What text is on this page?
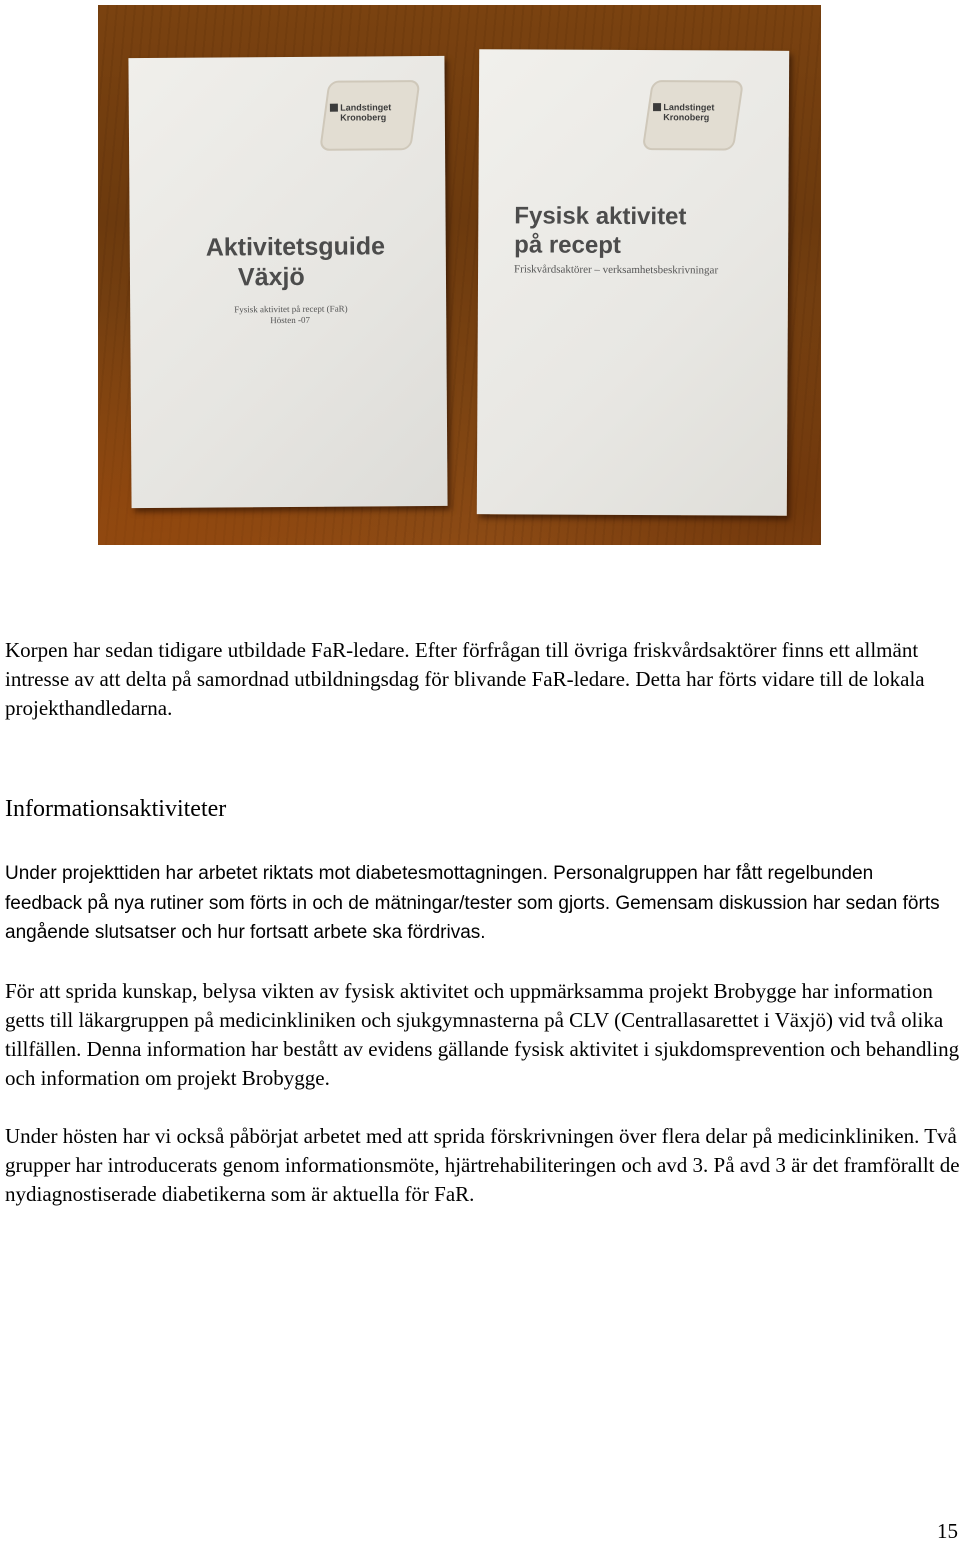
Landstinget
Kronoberg
Aktivitetsguide
Växjö
Fysisk aktivitet på recept (FaR)
Hösten -07
Landstinget
Kronoberg
Fysisk aktivitet
på recept
Friskvårdsaktörer – verksamhetsbeskrivningar

Korpen har sedan tidigare utbildade FaR-ledare. Efter förfrågan till övriga friskvårdsaktörer finns ett allmänt intresse av att delta på samordnad utbildningsdag för blivande FaR-ledare. Detta har förts vidare till de lokala projekthandledarna.

Informationsaktiviteter

Under projekttiden har arbetet riktats mot diabetesmottagningen. Personalgruppen har fått regelbunden feedback på nya rutiner som förts in och de mätningar/tester som gjorts. Gemensam diskussion har sedan förts angående slutsatser och hur fortsatt arbete ska fördrivas.

För att sprida kunskap, belysa vikten av fysisk aktivitet och uppmärksamma projekt Brobygge har information getts till läkargruppen på medicinkliniken och sjukgymnasterna på CLV (Centrallasarettet i Växjö) vid två olika tillfällen. Denna information har bestått av evidens gällande fysisk aktivitet i sjukdomsprevention och behandling och information om projekt Brobygge.

Under hösten har vi också påbörjat arbetet med att sprida förskrivningen över flera delar på medicinkliniken. Två grupper har introducerats genom informationsmöte, hjärtrehabiliteringen och avd 3. På avd 3 är det framförallt de nydiagnostiserade diabetikerna som är aktuella för FaR.

15
